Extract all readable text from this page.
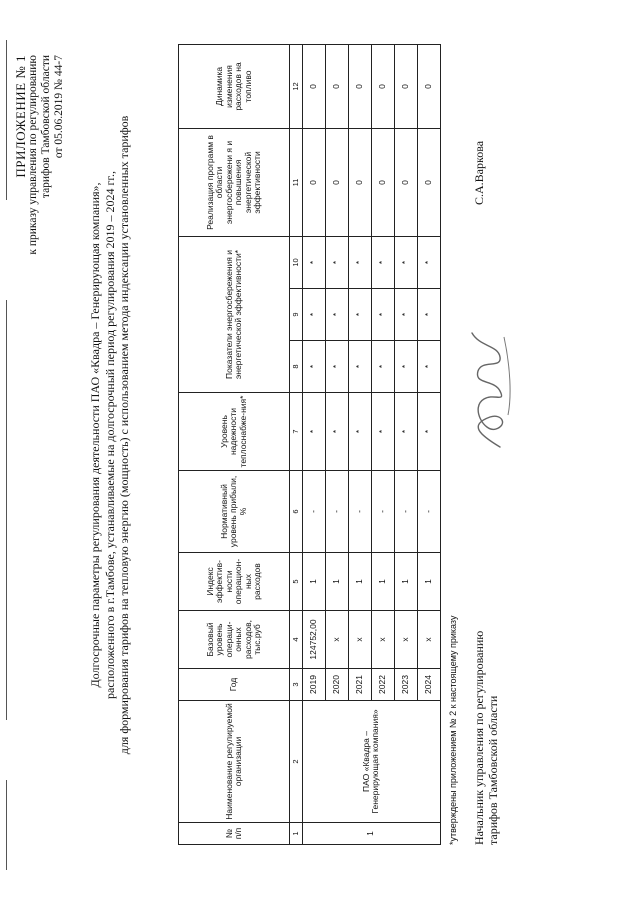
ПРИЛОЖЕНИЕ № 1 к приказу управления по регулированию тарифов Тамбовской области от 05.06.2019 № 44-7
Долгосрочные параметры регулирования деятельности ПАО «Квадра – Генерирующая компания», расположенного в г.Тамбове, устанавливаемые на долгосрочный период регулирования 2019 – 2024 гг., для формирования тарифов на тепловую энергию (мощность) с использованием метода индексации установленных тарифов
№ п/п	Наименование регулируемой организации	Год	Базовый уровень операци-онных расходов, тыс.руб	Индекс эффектив-ности операцион-ных расходов	Нормативный уровень прибыли, %	Уровень надежности теплоснабже-ния*	Показатели энергосбережения и энергетической эффективности*			Реализация программ в области энергосбережени я и повышения энергетической эффективности	Динамика изменения расходов на топливо
1	2	3	4	5	6	7	8	9	10	11	12
1	ПАО «Квадра – Генерирующая компания»	2019	124752,00	1	-	*	*	*	*	0	0
		2020	x	1	-	*	*	*	*	0	0
		2021	x	1	-	*	*	*	*	0	0
		2022	x	1	-	*	*	*	*	0	0
		2023	x	1	-	*	*	*	*	0	0
		2024	x	1	-	*	*	*	*	0	0
*утверждены приложением № 2 к настоящему приказу Начальник управления по регулированию тарифов Тамбовской области
С.А.Варкова
